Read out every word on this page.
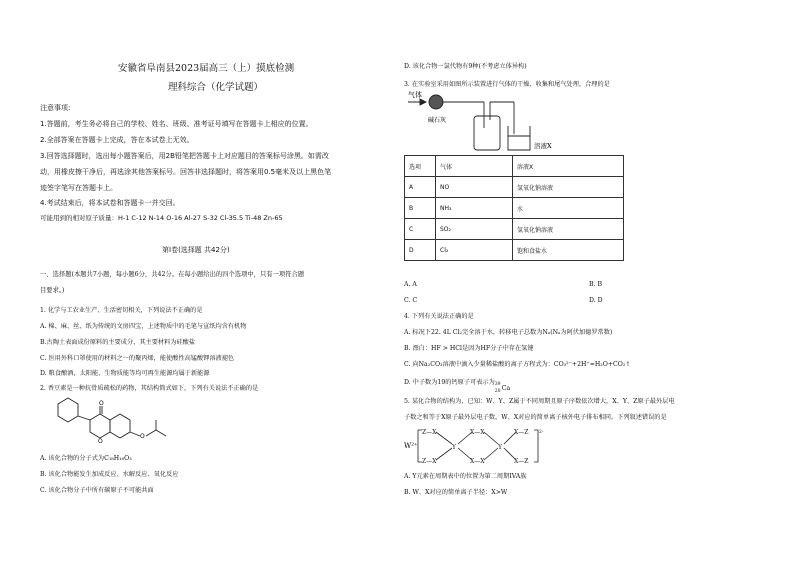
安徽省阜南县2023届高三（上）摸底检测
理科综合（化学试题）
注意事项:
1.答题前，考生务必将自己的学校、姓名、班级、准考证号填写在答题卡上相应的位置。
2.全部答案在答题卡上完成，答在本试卷上无效。
3.回答选择题时，选出每小题答案后，用2B铅笔把答题卡上对应题目的答案标号涂黑。如需改
动，用橡皮擦干净后，再选涂其他答案标号。回答非选择题时，将答案用0.5毫米及以上黑色笔
迹签字笔写在答题卡上。
4.考试结束后，将本试卷和答题卡一并交回。
可能用到的相对原子质量：H-1 C-12 N-14 O-16 Al-27 S-32 Cl-35.5 Ti-48 Zn-65
第Ⅰ卷(选择题 共42分)
一、选择题(本题共7小题，每小题6分，共42分。在每小题给出的四个选项中，只有一项符合题
目要求。)
1. 化学与工农业生产、生活密切相关，下列说法不正确的是
A. 棉、麻、丝、纸为传统的文房四宝，上述物质中的毛笔与宣纸均含有机物
B.古陶土表面成份原料的主要成分，其主要材料为硅酸盐
C. 医用外科口罩使用的材料之一的聚丙烯，能使酸性高锰酸钾溶液褪色
D. 粮食酿酒，太阳能、生物质能等均可再生能源均属于新能源
2. 香豆素是一种抗骨质疏松的药物，其结构简式如下，下列有关说法不正确的是
O
O
O
A. 该化合物的分子式为C₁₈H₁₆O₃
B. 该化合物能发生加成反应、水解反应、氧化反应
C. 该化合物分子中所有碳原子不可能共面
D. 该化合物一氯代物有9种(不考虑立体异构)
3. 在实验室采用如图所示装置进行气体的干燥、收集和尾气处理，合理的是
气体
碱石灰
溶液X
选项	气体	溶液X
A	NO	氢氧化钠溶液
B	NH₃	水
C	SO₂	氢氧化钠溶液
D	Cl₂	饱和食盐水
A. A	B. B
C. C	D. D
4. 下列有关说法正确的是
A. 标况下22. 4L Cl₂完全溶于水，转移电子总数为Nₐ(Nₐ为阿伏加德罗常数)
B. 漂白：HF > HCl是因为HF分子中存在氢键
C. 向Na₂CO₃溶液中滴入少量稀盐酸的离子方程式为：CO₃²⁻+2H⁺=H₂O+CO₂↑
D. 中子数为19的钙原子可表示为 39
20 Ca
5. 某化合物的结构为，已知：W、Y、Z属于不同周期且原子序数依次增大，X、Y、Z原子最外层电
子数之和等于X原子最外层电子数，W、X对应的简单离子核外电子排布相同。下列叙述错误的是
W²⁺
Z—X
Z—X
Y
X—X
X—X
Y
X—Z
X—Z
2-
A. Y元素在周期表中的位置为第二周期IVA族
B. W、X对应的简单离子半径：X>W
